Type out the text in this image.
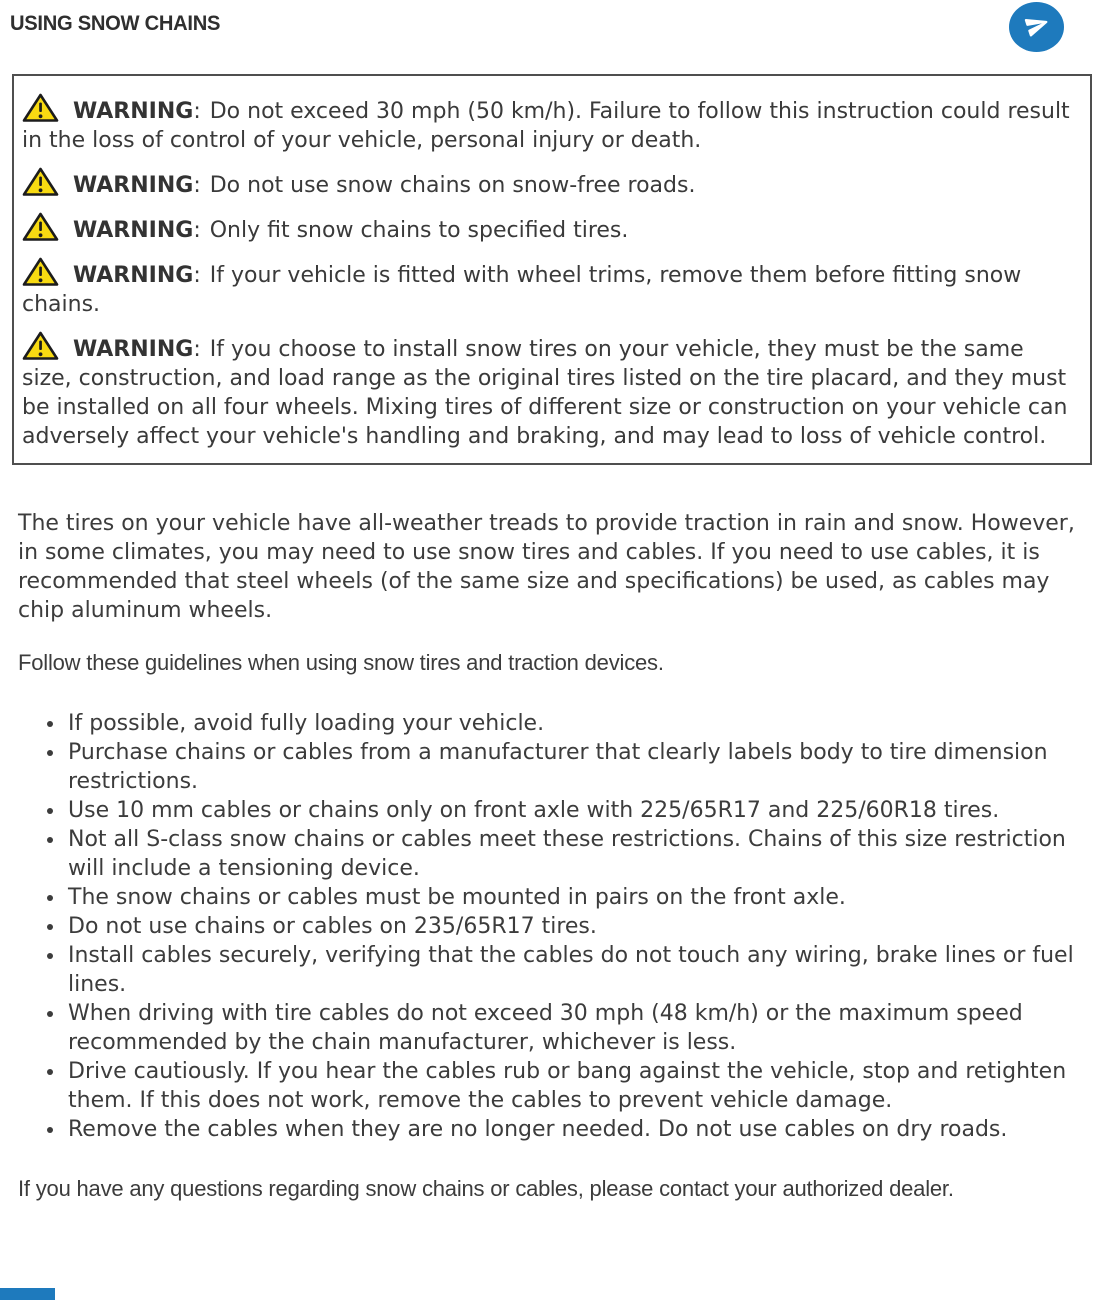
USING SNOW CHAINS

WARNING: Do not exceed 30 mph (50 km/h). Failure to follow this instruction could result in the loss of control of your vehicle, personal injury or death.

WARNING: Do not use snow chains on snow-free roads.

WARNING: Only fit snow chains to specified tires.

WARNING: If your vehicle is fitted with wheel trims, remove them before fitting snow chains.

WARNING: If you choose to install snow tires on your vehicle, they must be the same size, construction, and load range as the original tires listed on the tire placard, and they must be installed on all four wheels. Mixing tires of different size or construction on your vehicle can adversely affect your vehicle's handling and braking, and may lead to loss of vehicle control.

The tires on your vehicle have all-weather treads to provide traction in rain and snow. However, in some climates, you may need to use snow tires and cables. If you need to use cables, it is recommended that steel wheels (of the same size and specifications) be used, as cables may chip aluminum wheels.

Follow these guidelines when using snow tires and traction devices.

• If possible, avoid fully loading your vehicle.
• Purchase chains or cables from a manufacturer that clearly labels body to tire dimension restrictions.
• Use 10 mm cables or chains only on front axle with 225/65R17 and 225/60R18 tires.
• Not all S-class snow chains or cables meet these restrictions. Chains of this size restriction will include a tensioning device.
• The snow chains or cables must be mounted in pairs on the front axle.
• Do not use chains or cables on 235/65R17 tires.
• Install cables securely, verifying that the cables do not touch any wiring, brake lines or fuel lines.
• When driving with tire cables do not exceed 30 mph (48 km/h) or the maximum speed recommended by the chain manufacturer, whichever is less.
• Drive cautiously. If you hear the cables rub or bang against the vehicle, stop and retighten them. If this does not work, remove the cables to prevent vehicle damage.
• Remove the cables when they are no longer needed. Do not use cables on dry roads.

If you have any questions regarding snow chains or cables, please contact your authorized dealer.
